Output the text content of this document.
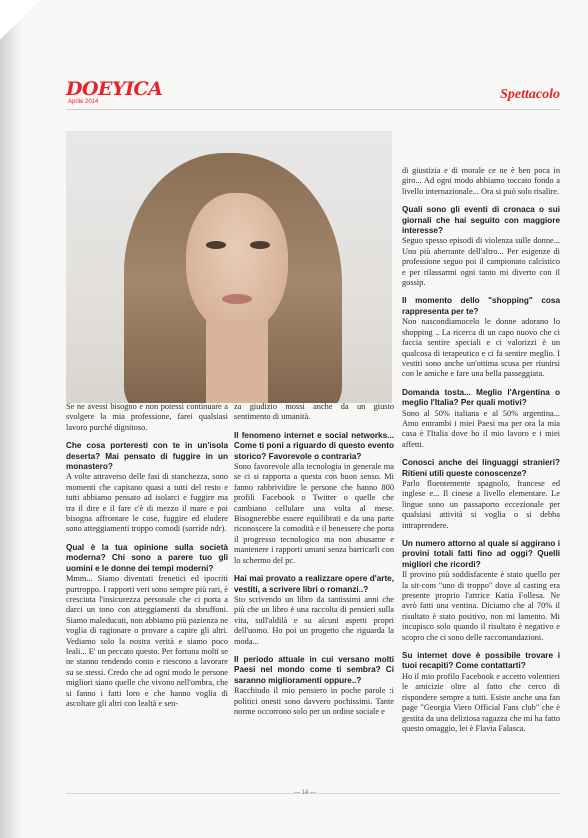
DOEYICA
Aprile 2014	Spettacolo
Se ne avessi bisogno e non potessi continuare a svolgere la mia professione, farei qualsiasi lavoro purché dignitoso.
Che cosa porteresti con te in un'isola deserta? Mai pensato di fuggire in un monastero?
A volte attraverso delle fasi di stanchezza, sono momenti che capitano quasi a tutti del resto e tutti abbiamo pensato ad isolarci e fuggire ma tra il dire e il fare c'è di mezzo il mare e poi bisogna affrontare le cose, fuggire ed eludere sono atteggiamenti troppo comodi (sorride ndr).
Qual è la tua opinione sulla società moderna? Chi sono a parere tuo gli uomini e le donne dei tempi moderni?
Mmm... Siamo diventati frenetici ed ipocriti purtroppo. I rapporti veri sono sempre più rari, è cresciuta l'insicurezza personale che ci porta a darci un tono con atteggiamenti da sbruffoni. Siamo maleducati, non abbiamo più pazienza ne voglia di ragionare o provare a capire gli altri. Vediamo solo la nostra verità e siamo poco leali... E' un peccato questo. Per fortuna molti se ne stanno rendendo conto e riescono a lavorare su se stessi. Credo che ad ogni modo le persone migliori siano quelle che vivono nell'ombra, che si fanno i fatti loro e che hanno voglia di ascoltare gli altri con lealtà e sen-
za giudizio mossi anche da un giusto sentimento di umanità.
Il fenomeno internet e social networks... Come ti poni a riguardo di questo evento storico? Favorevole o contraria?
Sono favorevole alla tecnologia in generale ma se ci si rapporta a questa con buon senso. Mi fanno rabbrividire le persone che hanno 800 profili Facebook o Twitter o quelle che cambiano cellulare una volta al mese. Bisognerebbe essere equilibrati e da una parte riconoscere la comodità e il benessere che porta il progresso tecnologico ma non abusarne e mantenere i rapporti umani senza barricarli con lo schermo del pc.
Hai mai provato a realizzare opere d'arte, vestiti, a scrivere libri o romanzi..?
Sto scrivendo un libro da tantissimi anni che più che un libro è una raccolta di pensieri sulla vita, sull'aldilà e su alcuni aspetti propri dell'uomo. Ho poi un progetto che riguarda la moda...
Il periodo attuale in cui versano molti Paesi nel mondo come ti sembra? Ci saranno miglioramenti oppure..?
Racchiudo il mio pensiero in poche parole :i politici onesti sono davvero pochissimi. Tante norme occorrono solo per un ordine sociale e
di giustizia e di morale ce ne è ben poca in giro... Ad ogni modo abbiamo toccato fondo a livello internazionale... Ora si può solo risalire.
Quali sono gli eventi di cronaca o sui giornali che hai seguito con maggiore interesse?
Seguo spesso episodi di violenza sulle donne... Uno più aberrante dell'altro... Per esigenze di professione seguo poi il campionato calcistico e per rilassarmi ogni tanto mi diverto con il gossip.
Il momento dello "shopping" cosa rappresenta per te?
Non nascondiamocelo le donne adorano lo shopping .. La ricerca di un capo nuovo che ci faccia sentire speciali e ci valorizzi è un qualcosa di terapeutico e ci fa sentire meglio. I vestiti sono anche un'ottima scusa per riunirsi con le amiche e fare una bella passeggiata.
Domanda tosta... Meglio l'Argentina o meglio l'Italia? Per quali motivi?
Sono al 50% italiana e al 50% argentina... Amo entrambi i miei Paesi ma per ora la mia casa è l'Italia dove ho il mio lavoro e i miei affetti.
Conosci anche dei linguaggi stranieri? Ritieni utili queste conoscenze?
Parlo fluentemente spagnolo, francese ed inglese e... Il cinese a livello elementare. Le lingue sono un passaporto eccezionale per qualsiasi attività si voglia o si debba intraprendere.
Un numero attorno al quale si aggirano i provini totali fatti fino ad oggi? Quelli migliori che ricordi?
Il provino più soddisfacente è stato quello per la sit-com "uno di troppo" dove al casting era presente proprio l'attrice Katia Follesa. Ne avrò fatti una ventina. Diciamo che al 70% il risultato è stato positivo, non mi lamento. Mi incupisco solo quando il risultato è negativo e scopro che ci sono delle raccomandazioni.
Su internet dove è possibile trovare i tuoi recapiti? Come contattarti?
Ho il mio profilo Facebook e accetto volentieri le amicizie oltre al fatto che cerco di rispondere sempre a tutti. Esiste anche una fan page "Georgia Viero Official Fans club" che è gestita da una deliziosa ragazza che mi ha fatto questo omaggio, lei è Flavia Falasca.
— 14 —
